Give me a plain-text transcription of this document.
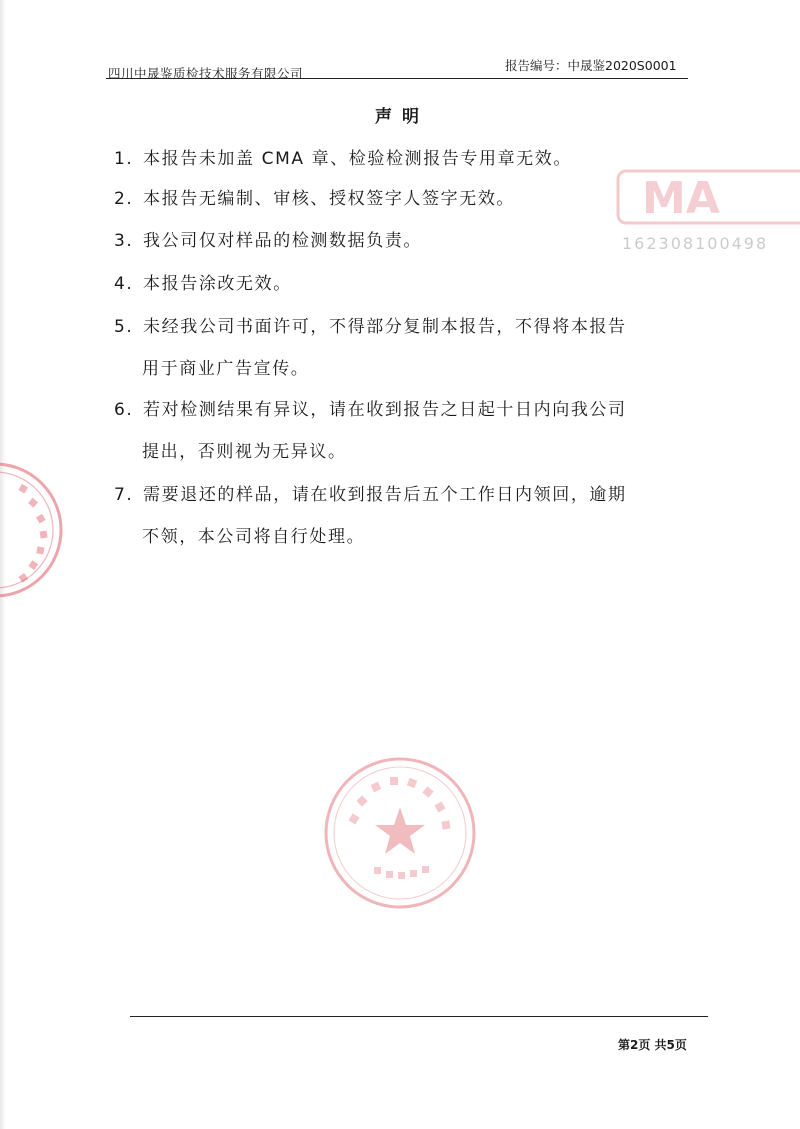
四川中晟鉴质检技术服务有限公司
报告编号：中晟鉴2020S0001
声明
1. 本报告未加盖 CMA 章、检验检测报告专用章无效。
2. 本报告无编制、审核、授权签字人签字无效。
3. 我公司仅对样品的检测数据负责。
4. 本报告涂改无效。
5. 未经我公司书面许可，不得部分复制本报告，不得将本报告
用于商业广告宣传。
6. 若对检测结果有异议，请在收到报告之日起十日内向我公司
提出，否则视为无异议。
7. 需要退还的样品，请在收到报告后五个工作日内领回，逾期
不领，本公司将自行处理。
MA
162308100498
第2页 共5页
